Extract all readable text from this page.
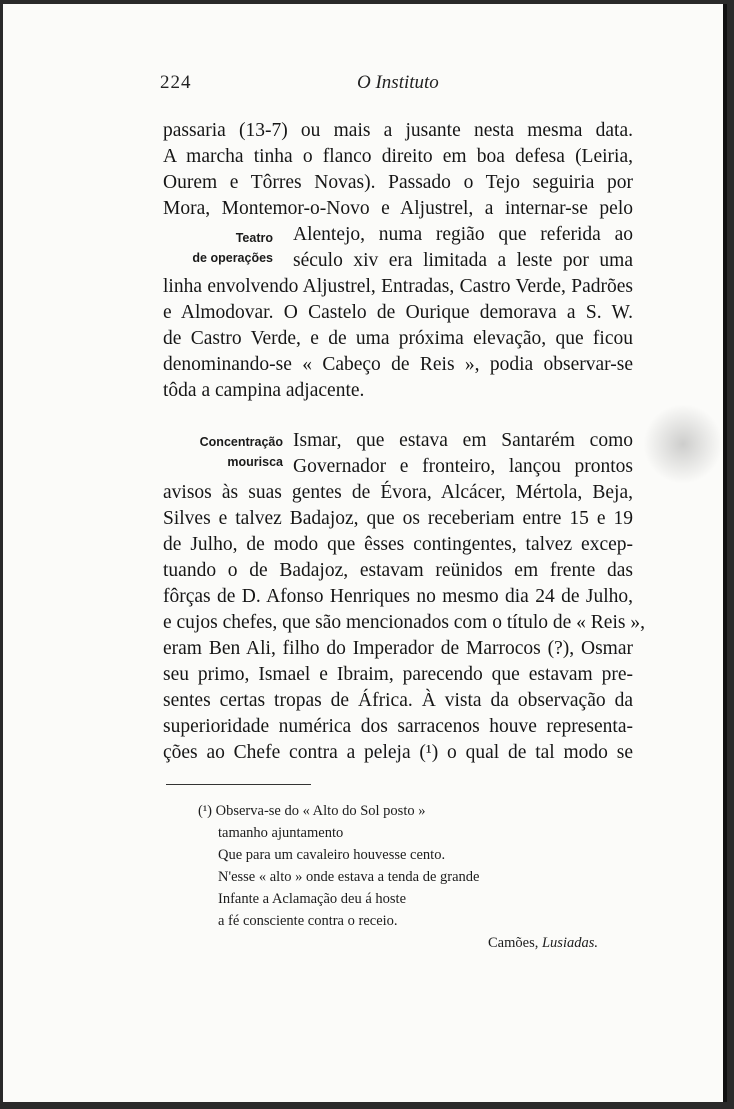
224	O Instituto
passaria (13-7) ou mais a jusante nesta mesma data.
A marcha tinha o flanco direito em boa defesa (Leiria,
Ourem e Tôrres Novas). Passado o Tejo seguiria por
Mora, Montemor-o-Novo e Aljustrel, a internar-se pelo
Alentejo, numa região que referida ao
século xiv era limitada a leste por uma
linha envolvendo Aljustrel, Entradas, Castro Verde, Padrões
e Almodovar. O Castelo de Ourique demorava a S. W.
de Castro Verde, e de uma próxima elevação, que ficou
denominando-se « Cabeço de Reis », podia observar-se
tôda a campina adjacente.
Teatro
de operações
Ismar, que estava em Santarém como
Governador e fronteiro, lançou prontos
avisos às suas gentes de Évora, Alcácer, Mértola, Beja,
Silves e talvez Badajoz, que os receberiam entre 15 e 19
de Julho, de modo que êsses contingentes, talvez excep-
tuando o de Badajoz, estavam reünidos em frente das
fôrças de D. Afonso Henriques no mesmo dia 24 de Julho,
e cujos chefes, que são mencionados com o título de « Reis »,
eram Ben Ali, filho do Imperador de Marrocos (?), Osmar
seu primo, Ismael e Ibraim, parecendo que estavam pre-
sentes certas tropas de África. À vista da observação da
superioridade numérica dos sarracenos houve representa-
ções ao Chefe contra a peleja (¹) o qual de tal modo se
Concentração
mourisca
(¹) Observa-se do « Alto do Sol posto »
tamanho ajuntamento
Que para um cavaleiro houvesse cento.
N'esse « alto » onde estava a tenda de grande
Infante a Aclamação deu á hoste
a fé consciente contra o receio.
Camões, Lusiadas.
